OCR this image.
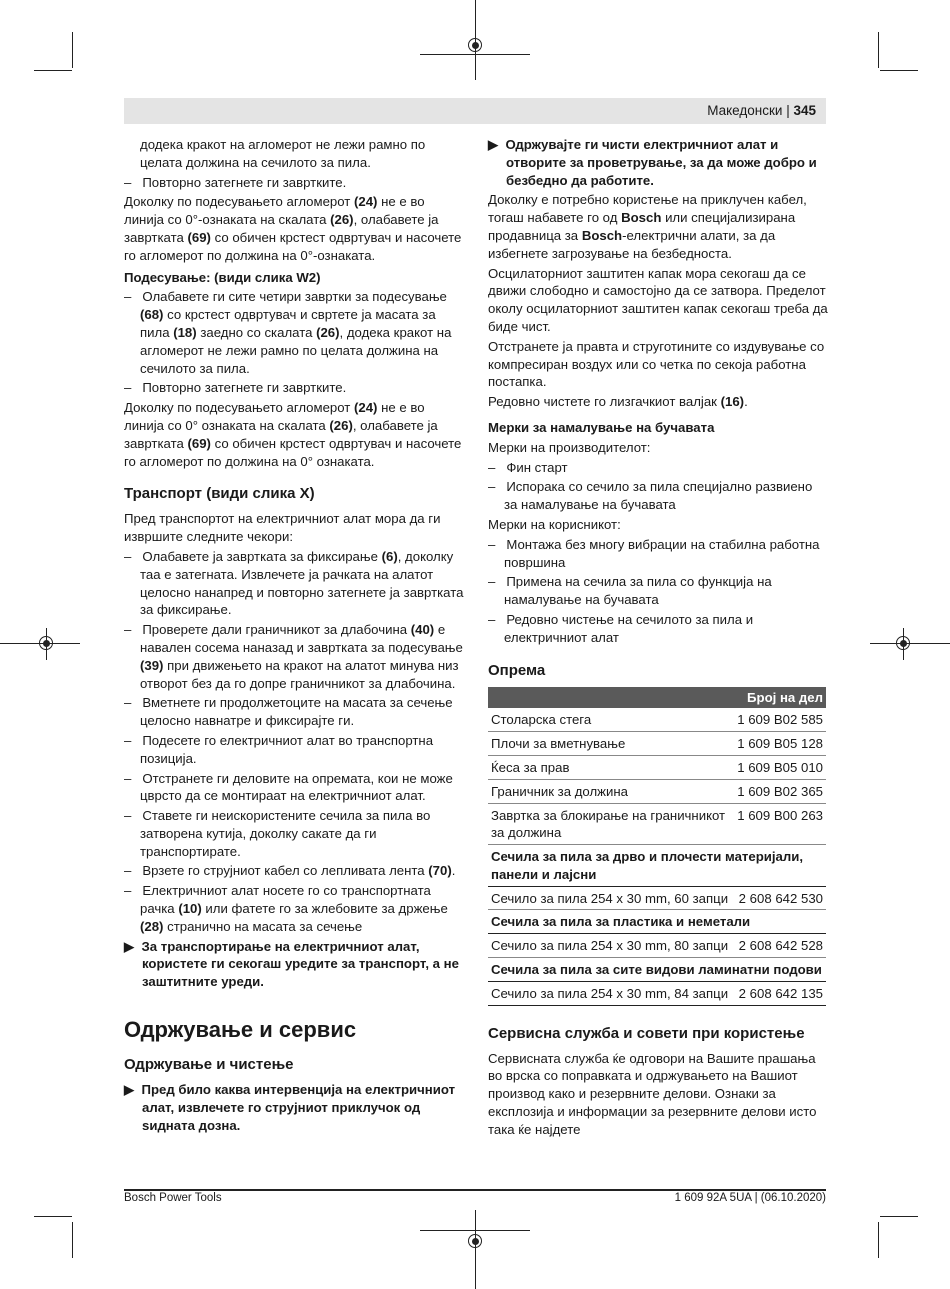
Македонски | 345

додека кракот на агломерот не лежи рамно по целата должина на сечилото за пила.

–   Повторно затегнете ги завртките.

Доколку по подесувањето агломерот (24) не е во линија со 0°-ознаката на скалата (26), олабавете ја завртката (69) со обичен крстест одвртувач и насочете го агломерот по должина на 0°-ознаката.

Подесување: (види слика W2)

–   Олабавете ги сите четири завртки за подесување (68) со крстест одвртувач и свртете ја масата за пила (18) заедно со скалата (26), додека кракот на агломерот не лежи рамно по целата должина на сечилото за пила.

–   Повторно затегнете ги завртките.

Доколку по подесувањето агломерот (24) не е во линија со 0° ознаката на скалата (26), олабавете ја завртката (69) со обичен крстест одвртувач и насочете го агломерот по должина на 0° ознаката.

Транспорт (види слика X)

Пред транспортот на електричниот алат мора да ги извршите следните чекори:

–   Олабавете ја завртката за фиксирање (6), доколку таа е затегната. Извлечете ја рачката на алатот целосно нанапред и повторно затегнете ја завртката за фиксирање.

–   Проверете дали граничникот за длабочина (40) е навален сосема наназад и завртката за подесување (39) при движењето на кракот на алатот минува низ отворот без да го допре граничникот за длабочина.

–   Вметнете ги продолжетоците на масата за сечење целосно навнатре и фиксирајте ги.

–   Подесете го електричниот алат во транспортна позиција.

–   Отстранете ги деловите на опремата, кои не може цврсто да се монтираат на електричниот алат.

–   Ставете ги неискористените сечила за пила во затворена кутија, доколку сакате да ги транспортирате.

–   Врзете го струјниот кабел со лепливата лента (70).

–   Електричниот алат носете го со транспортната рачка (10) или фатете го за жлебовите за држење (28) странично на масата за сечење

▶  За транспортирање на електричниот алат, користете ги секогаш уредите за транспорт, а не заштитните уреди.

Одржување и сервис
Одржување и чистење

▶  Пред било каква интервенција на електричниот алат, извлечете го струјниот приклучок од ѕидната дозна.

▶  Одржувајте ги чисти електричниот алат и отворите за проветрување, за да може добро и безбедно да работите.

Доколку е потребно користење на приклучен кабел, тогаш набавете го од Bosch или специјализирана продавница за Bosch-електрични алати, за да избегнете загрозување на безбедноста.

Осцилаторниот заштитен капак мора секогаш да се движи слободно и самостојно да се затвора. Пределот околу осцилаторниот заштитен капак секогаш треба да биде чист.

Отстранете ја правта и струготините со издувување со компресиран воздух или со четка по секоја работна постапка.

Редовно чистете го лизгачкиот валјак (16).

Мерки за намалување на бучавата

Мерки на производителот:

–   Фин старт

–   Испорака со сечило за пила специјално развиено за намалување на бучавата

Мерки на корисникот:

–   Монтажа без многу вибрации на стабилна работна површина

–   Примена на сечила за пила со функција на намалување на бучавата

–   Редовно чистење на сечилото за пила и електричниот алат

Опрема
Број на дел	
Столарска стега	1 609 B02 585
Плочи за вметнување	1 609 B05 128
Ќеса за прав	1 609 B05 010
Граничник за должина	1 609 B02 365
Завртка за блокирање на граничникот за должина	1 609 B00 263
Сечила за пила за дрво и плочести материјали, панели и лајсни	
Сечило за пила 254 x 30 mm, 60 запци	2 608 642 530
Сечила за пила за пластика и неметали	
Сечило за пила 254 x 30 mm, 80 запци	2 608 642 528
Сечила за пила за сите видови ламинатни подови	
Сечило за пила 254 x 30 mm, 84 запци	2 608 642 135
Сервисна служба и совети при користење

Сервисната служба ќе одговори на Вашите прашања во врска со поправката и одржувањето на Вашиот производ како и резервните делови. Ознаки за експлозија и информации за резервните делови исто така ќе најдете

Bosch Power Tools	1 609 92A 5UA | (06.10.2020)
